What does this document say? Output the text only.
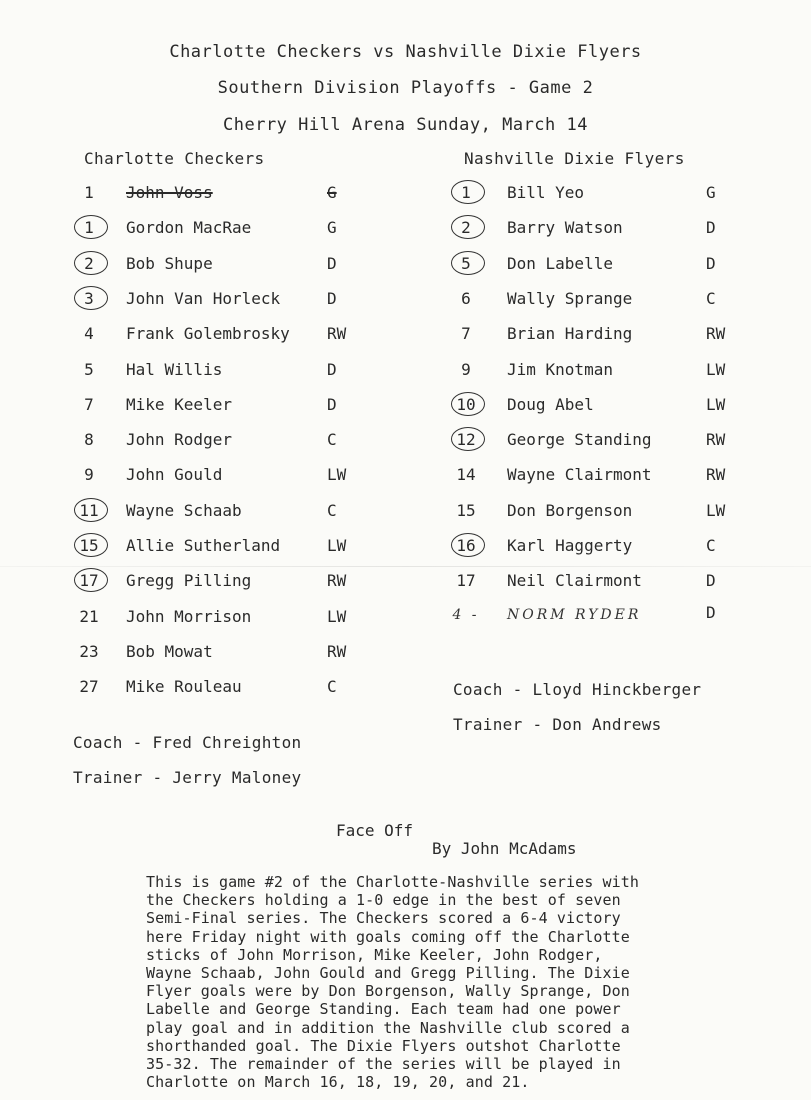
Charlotte Checkers vs Nashville Dixie Flyers
Southern Division Playoffs - Game 2
Cherry Hill Arena Sunday, March 14
Charlotte Checkers	Nashville Dixie Flyers
1	John Voss	G
1	Gordon MacRae	G
2	Bob Shupe	D
3	John Van Horleck	D
4	Frank Golembrosky RW
5	Hal Willis	D
7	Mike Keeler	D
8	John Rodger	C
9	John Gould	LW
11	Wayne Schaab	C
15	Allie Sutherland	LW
17	Gregg Pilling	RW
21	John Morrison	LW
23	Bob Mowat	RW
27	Mike Rouleau	C
1	Bill Yeo	G
2	Barry Watson	D
5	Don Labelle	D
6	Wally Sprange	C
7	Brian Harding	RW
9	Jim Knotman	LW
10	Doug Abel	LW
12	George Standing	RW
14	Wayne Clairmont	RW
15	Don Borgenson	LW
16	Karl Haggerty	C
17	Neil Clairmont	D
4 -	NORM RYDER	D
Coach - Fred Chreighton
Trainer - Jerry Maloney
Coach - Lloyd Hinckberger
Trainer - Don Andrews
Face Off
By John McAdams
This is game #2 of the Charlotte-Nashville series with
the Checkers holding a 1-0 edge in the best of seven
Semi-Final series. The Checkers scored a 6-4 victory
here Friday night with goals coming off the Charlotte
sticks of John Morrison, Mike Keeler, John Rodger,
Wayne Schaab, John Gould and Gregg Pilling. The Dixie
Flyer goals were by Don Borgenson, Wally Sprange, Don
Labelle and George Standing. Each team had one power
play goal and in addition the Nashville club scored a
shorthanded goal. The Dixie Flyers outshot Charlotte
35-32. The remainder of the series will be played in
Charlotte on March 16, 18, 19, 20, and 21.
